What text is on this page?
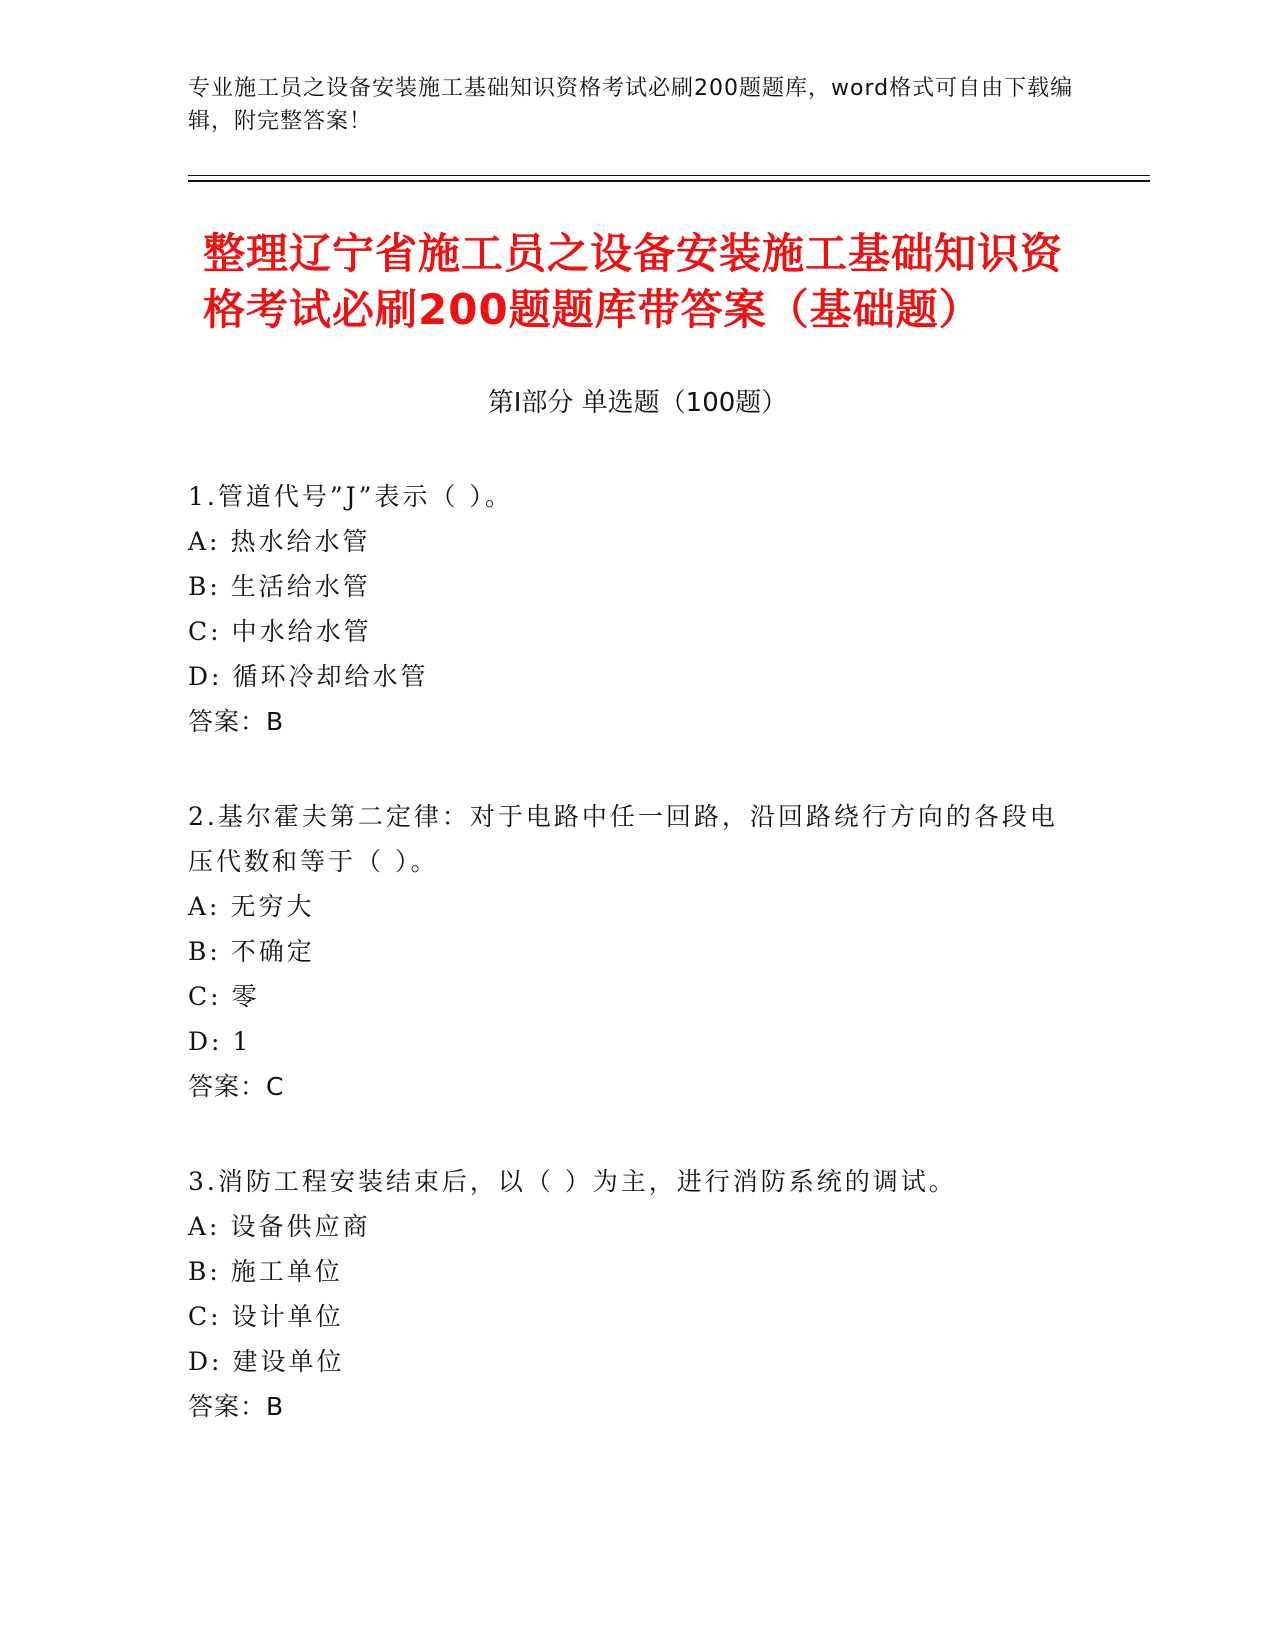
专业施工员之设备安装施工基础知识资格考试必刷200题题库，word格式可自由下载编辑，附完整答案！
整理辽宁省施工员之设备安装施工基础知识资格考试必刷200题题库带答案（基础题）
第Ⅰ部分 单选题（100题）
1.管道代号”J”表示（ ）。
A: 热水给水管
B: 生活给水管
C: 中水给水管
D: 循环冷却给水管
答案：B
2.基尔霍夫第二定律：对于电路中任一回路，沿回路绕行方向的各段电压代数和等于（ ）。
A: 无穷大
B: 不确定
C: 零
D: 1
答案：C
3.消防工程安装结束后，以（ ）为主，进行消防系统的调试。
A: 设备供应商
B: 施工单位
C: 设计单位
D: 建设单位
答案：B
